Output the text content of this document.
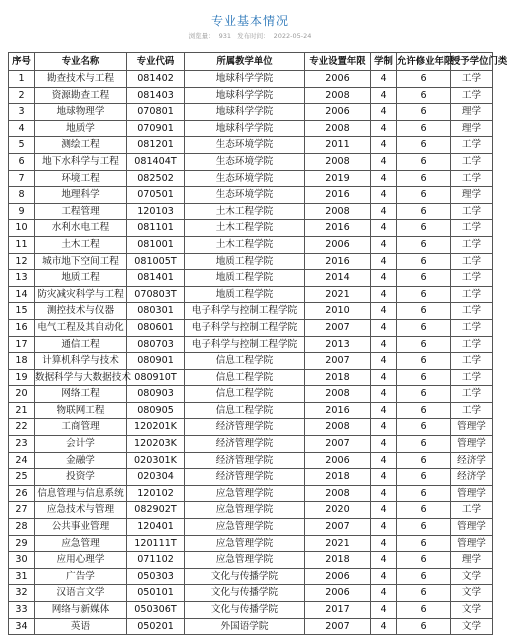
专业基本情况
浏览量： 931 发布时间： 2022-05-24
序号	专业名称	专业代码	所属教学单位	专业设置年限	学制	允许修业年限	授予学位门类
1	勘查技术与工程	081402	地球科学学院	2006	4	6	工学
2	资源勘查工程	081403	地球科学学院	2008	4	6	工学
3	地球物理学	070801	地球科学学院	2006	4	6	理学
4	地质学	070901	地球科学学院	2008	4	6	理学
5	测绘工程	081201	生态环境学院	2011	4	6	工学
6	地下水科学与工程	081404T	生态环境学院	2008	4	6	工学
7	环境工程	082502	生态环境学院	2019	4	6	工学
8	地理科学	070501	生态环境学院	2016	4	6	理学
9	工程管理	120103	土木工程学院	2008	4	6	工学
10	水利水电工程	081101	土木工程学院	2016	4	6	工学
11	土木工程	081001	土木工程学院	2006	4	6	工学
12	城市地下空间工程	081005T	地质工程学院	2016	4	6	工学
13	地质工程	081401	地质工程学院	2014	4	6	工学
14	防灾减灾科学与工程	070803T	地质工程学院	2021	4	6	工学
15	测控技术与仪器	080301	电子科学与控制工程学院	2010	4	6	工学
16	电气工程及其自动化	080601	电子科学与控制工程学院	2007	4	6	工学
17	通信工程	080703	电子科学与控制工程学院	2013	4	6	工学
18	计算机科学与技术	080901	信息工程学院	2007	4	6	工学
19	数据科学与大数据技术	080910T	信息工程学院	2018	4	6	工学
20	网络工程	080903	信息工程学院	2008	4	6	工学
21	物联网工程	080905	信息工程学院	2016	4	6	工学
22	工商管理	120201K	经济管理学院	2008	4	6	管理学
23	会计学	120203K	经济管理学院	2007	4	6	管理学
24	金融学	020301K	经济管理学院	2006	4	6	经济学
25	投资学	020304	经济管理学院	2018	4	6	经济学
26	信息管理与信息系统	120102	应急管理学院	2008	4	6	管理学
27	应急技术与管理	082902T	应急管理学院	2020	4	6	工学
28	公共事业管理	120401	应急管理学院	2007	4	6	管理学
29	应急管理	120111T	应急管理学院	2021	4	6	管理学
30	应用心理学	071102	应急管理学院	2018	4	6	理学
31	广告学	050303	文化与传播学院	2006	4	6	文学
32	汉语言文学	050101	文化与传播学院	2006	4	6	文学
33	网络与新媒体	050306T	文化与传播学院	2017	4	6	文学
34	英语	050201	外国语学院	2007	4	6	文学
